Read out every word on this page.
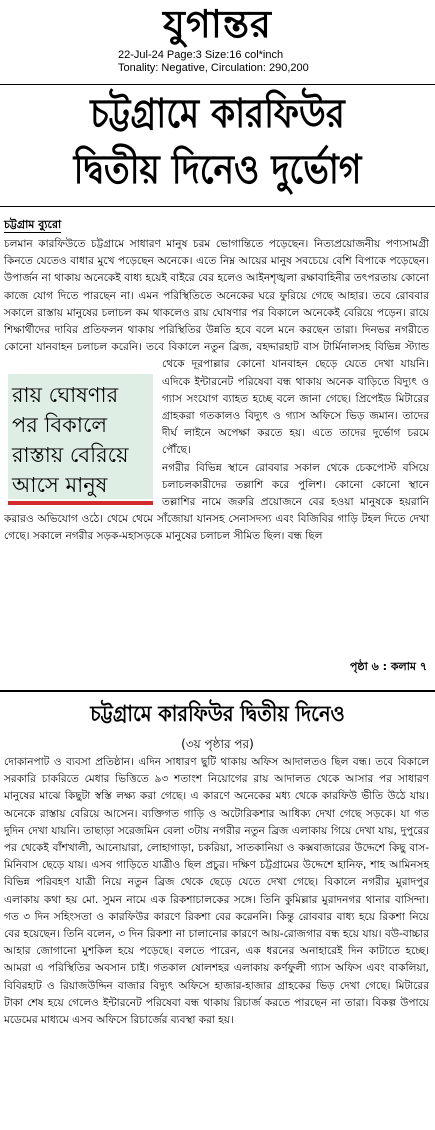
যুগান্তর
22-Jul-24 Page:3 Size:16 col*inch
Tonality: Negative, Circulation: 290,200
চট্টগ্রামে কারফিউর
দ্বিতীয় দিনেও দুর্ভোগ
চট্টগ্রাম ব্যুরো
রায় ঘোষণার পর বিকালে রাস্তায় বেরিয়ে আসে মানুষ

চলমান কারফিউতে চট্টগ্রামে সাধারণ মানুষ চরম ভোগান্তিতে পড়েছেন। নিত্যপ্রয়োজনীয় পণ্যসামগ্রী কিনতে যেতেও বাধার মুখে পড়েছেন অনেকে। এতে নিম্ন আয়ের মানুষ সবচেয়ে বেশি বিপাকে পড়েছেন। উপার্জন না থাকায় অনেকেই বাধ্য হয়েই বাইরে বের হলেও আইনশৃঙ্খলা রক্ষাবাহিনীর তৎপরতায় কোনো কাজে যোগ দিতে পারছেন না। এমন পরিস্থিতিতে অনেকের ঘরে ফুরিয়ে গেছে আহার। তবে রোববার সকালে রাস্তায় মানুষের চলাচল কম থাকলেও রায় ঘোষণার পর বিকালে অনেকেই বেরিয়ে পড়েন। রায়ে শিক্ষার্থীদের দাবির প্রতিফলন থাকায় পরিস্থিতির উন্নতি হবে বলে মনে করছেন তারা। দিনভর নগরীতে কোনো যানবাহন চলাচল করেনি। তবে বিকালে নতুন ব্রিজ, বহদ্দারহাট বাস টার্মিনালসহ বিভিন্ন স্ট্যান্ড থেকে দূরপাল্লার কোনো যানবাহন ছেড়ে যেতে দেখা যায়নি। এদিকে ইন্টারনেট পরিষেবা বন্ধ থাকায় অনেক বাড়িতে বিদ্যুৎ ও গ্যাস সংযোগ ব্যাহত হচ্ছে বলে জানা গেছে। প্রিপেইড মিটারের গ্রাহকরা গতকালও বিদ্যুৎ ও গ্যাস অফিসে ভিড় জমান। তাদের দীর্ঘ লাইনে অপেক্ষা করতে হয়। এতে তাদের দুর্ভোগ চরমে পৌঁছে।

নগরীর বিভিন্ন স্থানে রোববার সকাল থেকে চেকপোস্ট বসিয়ে চলাচলকারীদের তল্লাশি করে পুলিশ। কোনো কোনো স্থানে তল্লাশির নামে জরুরি প্রয়োজনে বের হওয়া মানুষকে হয়রানি করারও অভিযোগ ওঠে। থেমে থেমে সাঁজোয়া যানসহ সেনাসদস্য এবং বিজিবির গাড়ি টহল দিতে দেখা গেছে। সকালে নগরীর সড়ক-মহাসড়কে মানুষের চলাচল সীমিত ছিল। বন্ধ ছিল

পৃষ্ঠা ৬ : কলাম ৭
চট্টগ্রামে কারফিউর দ্বিতীয় দিনেও
(৩য় পৃষ্ঠার পর)
দোকানপাট ও ব্যবসা প্রতিষ্ঠান। এদিন সাধারণ ছুটি থাকায় অফিস আদালতও ছিল বন্ধ। তবে বিকালে সরকারি চাকরিতে মেধার ভিত্তিতে ৯৩ শতাংশ নিয়োগের রায় আদালত থেকে আসার পর সাধারণ মানুষের মাঝে কিছুটা স্বস্তি লক্ষ্য করা গেছে। এ কারণে অনেকের মধ্য থেকে কারফিউ ভীতি উঠে যায়। অনেকে রাস্তায় বেরিয়ে আসেন। ব্যক্তিগত গাড়ি ও অটোরিকশার আধিক্য দেখা গেছে সড়কে। যা গত দুদিন দেখা যায়নি। তাছাড়া সরেজমিন বেলা ৩টায় নগরীর নতুন ব্রিজ এলাকায় গিয়ে দেখা যায়, দুপুরের পর থেকেই বাঁশখালী, আনোয়ারা, লোহাগাড়া, চকরিয়া, সাতকানিয়া ও কক্সবাজারের উদ্দেশে কিছু বাস-মিনিবাস ছেড়ে যায়। এসব গাড়িতে যাত্রীও ছিল প্রচুর। দক্ষিণ চট্টগ্রামের উদ্দেশে হানিফ, শাহ আমিনসহ বিভিন্ন পরিবহণ যাত্রী নিয়ে নতুন ব্রিজ থেকে ছেড়ে যেতে দেখা গেছে। বিকালে নগরীর মুরাদপুর এলাকায় কথা হয় মো. সুমন নামে এক রিকশাচালকের সঙ্গে। তিনি কুমিল্লার মুরাদনগর থানার বাসিন্দা। গত ৩ দিন সহিংসতা ও কারফিউর কারণে রিকশা বের করেননি। কিন্তু রোববার বাধ্য হয়ে রিকশা নিয়ে বের হয়েছেন। তিনি বলেন, ৩ দিন রিকশা না চালানোর কারণে আয়-রোজগার বন্ধ হয়ে যায়। বউ-বাচ্চার আহার জোগানো মুশকিল হয়ে পড়েছে। বলতে পারেন, এক ধরনের অনাহারেই দিন কাটাতে হচ্ছে। আমরা এ পরিস্থিতির অবসান চাই। গতকাল ষোলশহর এলাকায় কর্ণফুলী গ্যাস অফিস এবং বাকলিয়া, বিবিরহাট ও রিয়াজউদ্দিন বাজার বিদ্যুৎ অফিসে হাজার-হাজার গ্রাহকের ভিড় দেখা গেছে। মিটারের টাকা শেষ হয়ে গেলেও ইন্টারনেট পরিষেবা বন্ধ থাকায় রিচার্জ করতে পারছেন না তারা। বিকল্প উপায়ে মডেমের মাধ্যমে এসব অফিসে রিচার্জের ব্যবস্থা করা হয়।
